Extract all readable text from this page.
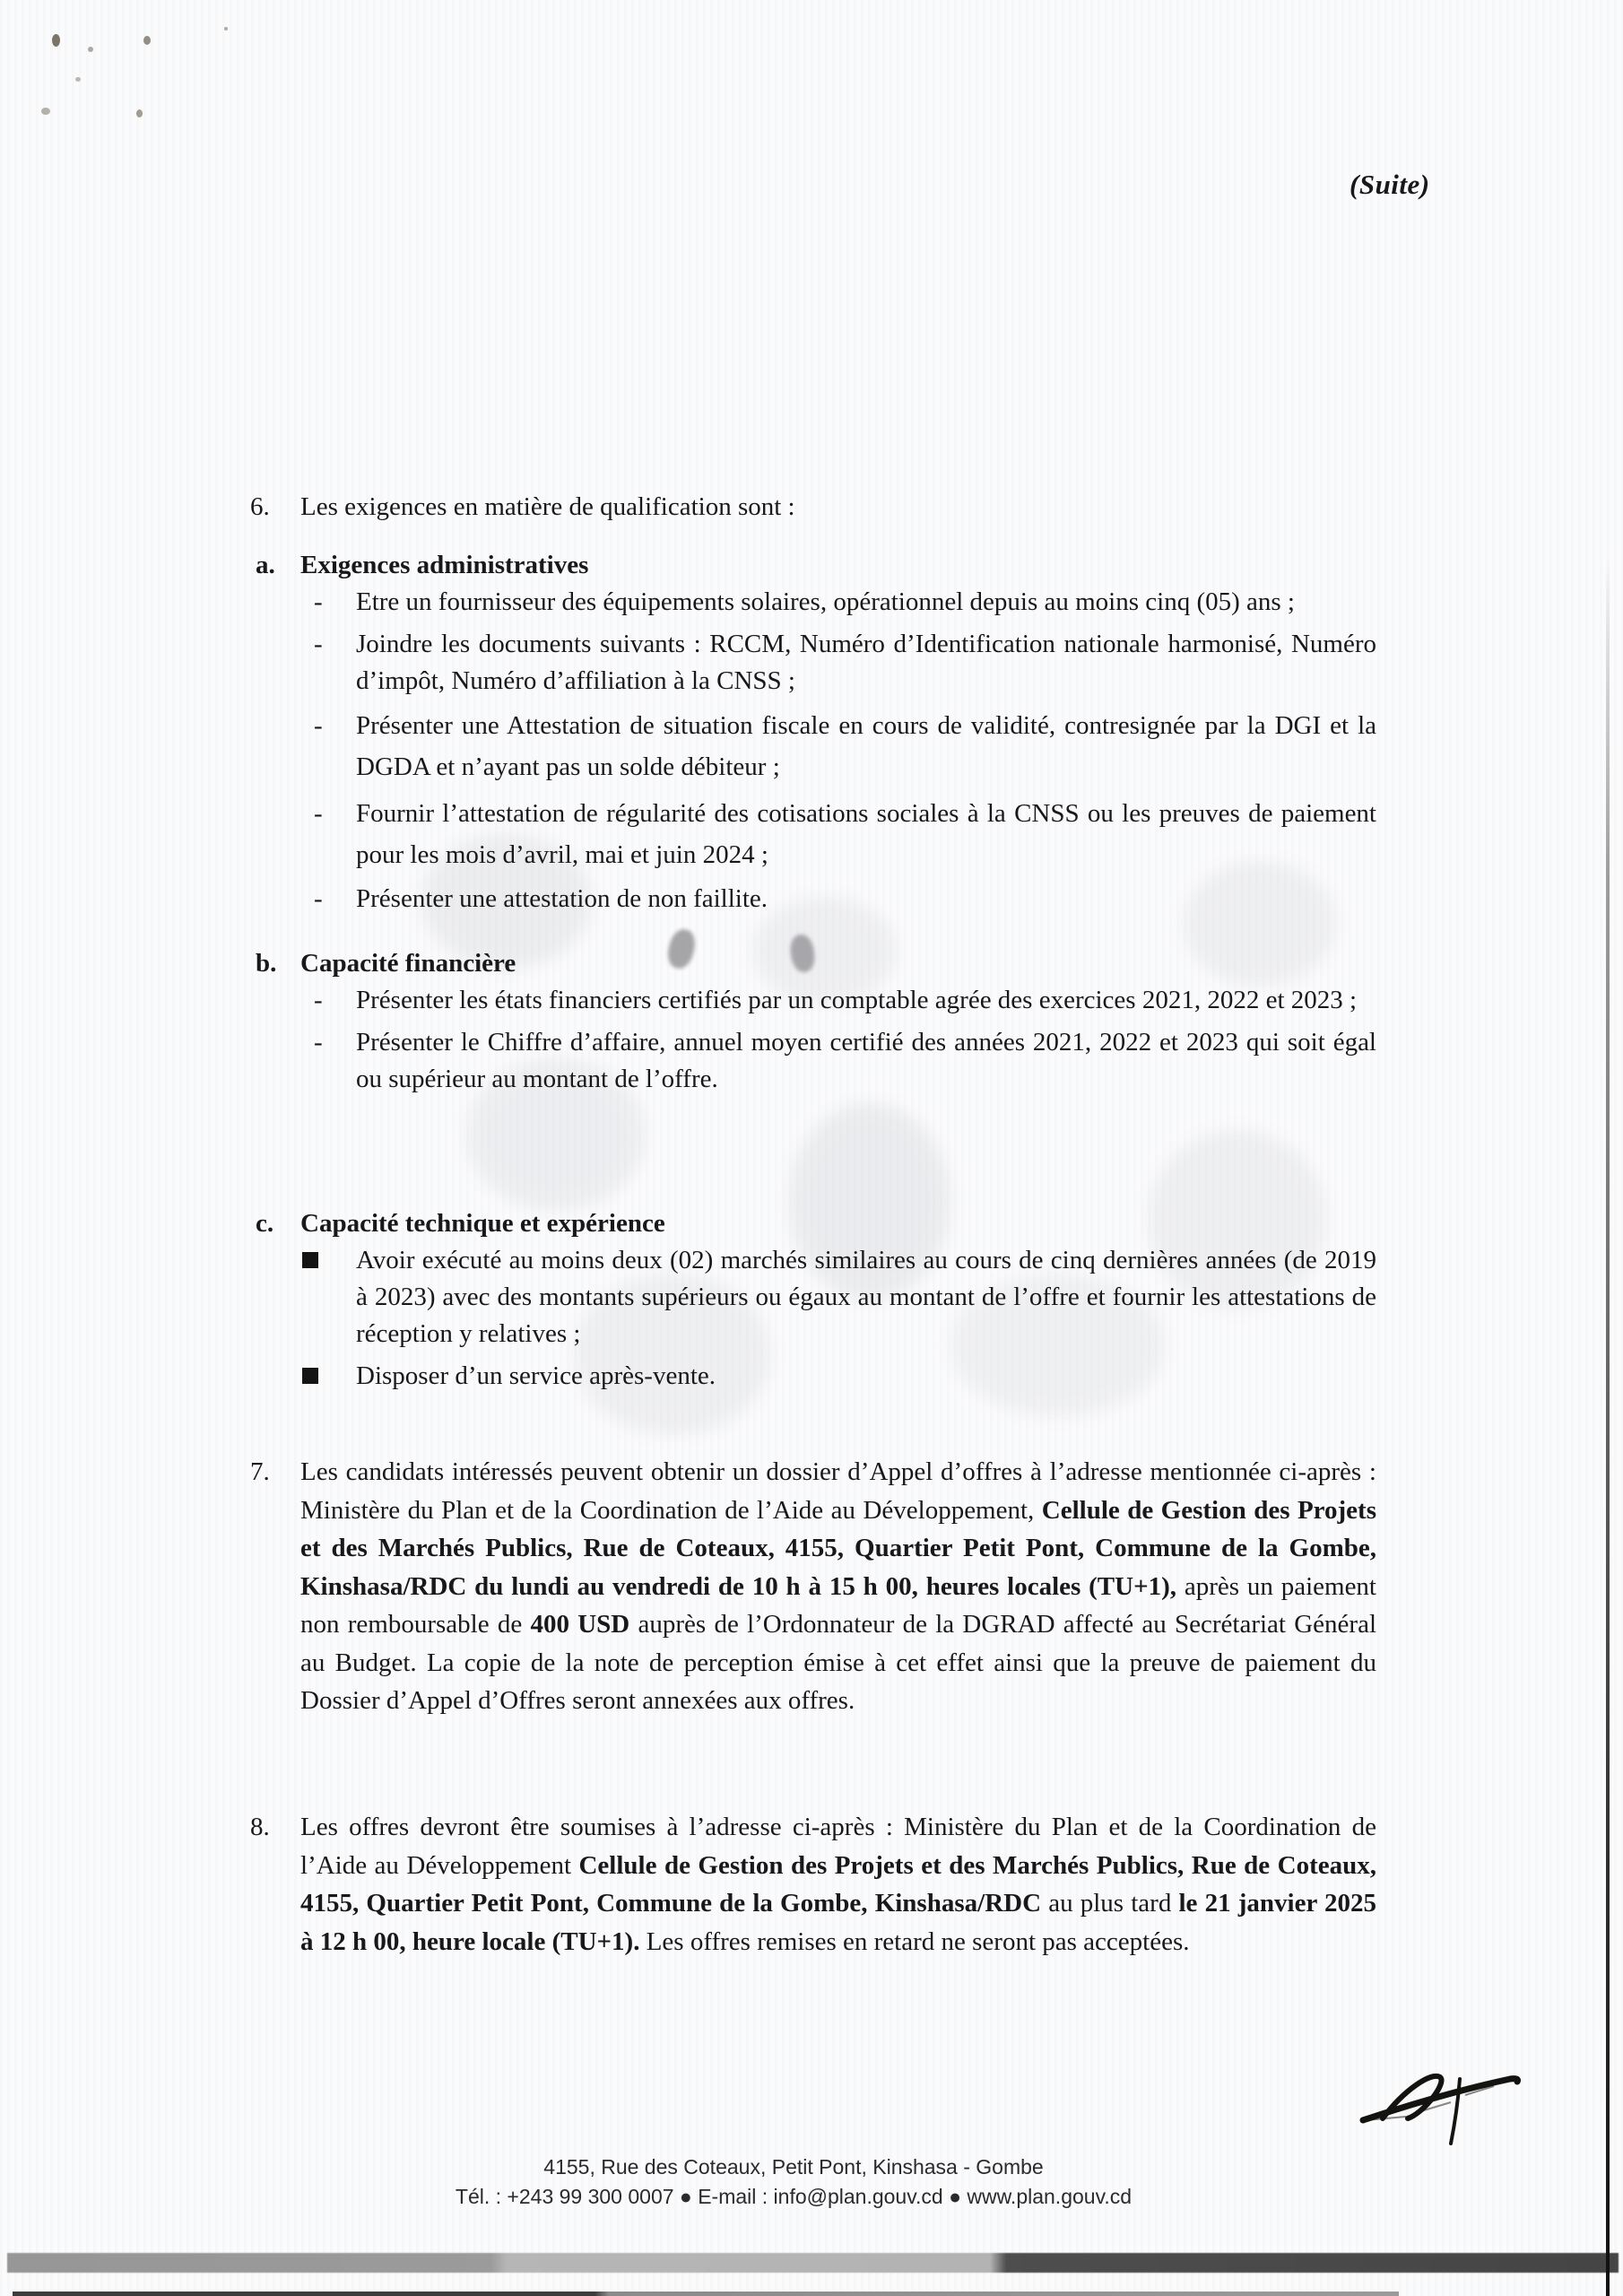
(Suite)
6. Les exigences en matière de qualification sont :
a. Exigences administratives
- Etre un fournisseur des équipements solaires, opérationnel depuis au moins cinq (05) ans ;
- Joindre les documents suivants : RCCM, Numéro d’Identification nationale harmonisé, Numéro d’impôt, Numéro d’affiliation à la CNSS ;
- Présenter une Attestation de situation fiscale en cours de validité, contresignée par la DGI et la DGDA et n’ayant pas un solde débiteur ;
- Fournir l’attestation de régularité des cotisations sociales à la CNSS ou les preuves de paiement pour les mois d’avril, mai et juin 2024 ;
- Présenter une attestation de non faillite.
b. Capacité financière
- Présenter les états financiers certifiés par un comptable agrée des exercices 2021, 2022 et 2023 ;
- Présenter le Chiffre d’affaire, annuel moyen certifié des années 2021, 2022 et 2023 qui soit égal ou supérieur au montant de l’offre.
c. Capacité technique et expérience
Avoir exécuté au moins deux (02) marchés similaires au cours de cinq dernières années (de 2019 à 2023) avec des montants supérieurs ou égaux au montant de l’offre et fournir les attestations de réception y relatives ;
Disposer d’un service après-vente.
7. Les candidats intéressés peuvent obtenir un dossier d’Appel d’offres à l’adresse mentionnée ci-après : Ministère du Plan et de la Coordination de l’Aide au Développement, Cellule de Gestion des Projets et des Marchés Publics, Rue de Coteaux, 4155, Quartier Petit Pont, Commune de la Gombe, Kinshasa/RDC du lundi au vendredi de 10 h à 15 h 00, heures locales (TU+1), après un paiement non remboursable de 400 USD auprès de l’Ordonnateur de la DGRAD affecté au Secrétariat Général au Budget. La copie de la note de perception émise à cet effet ainsi que la preuve de paiement du Dossier d’Appel d’Offres seront annexées aux offres.
8. Les offres devront être soumises à l’adresse ci-après : Ministère du Plan et de la Coordination de l’Aide au Développement Cellule de Gestion des Projets et des Marchés Publics, Rue de Coteaux, 4155, Quartier Petit Pont, Commune de la Gombe, Kinshasa/RDC au plus tard le 21 janvier 2025 à 12 h 00, heure locale (TU+1). Les offres remises en retard ne seront pas acceptées.
4155, Rue des Coteaux, Petit Pont, Kinshasa - Gombe
Tél. : +243 99 300 0007 ● E-mail : info@plan.gouv.cd ● www.plan.gouv.cd
